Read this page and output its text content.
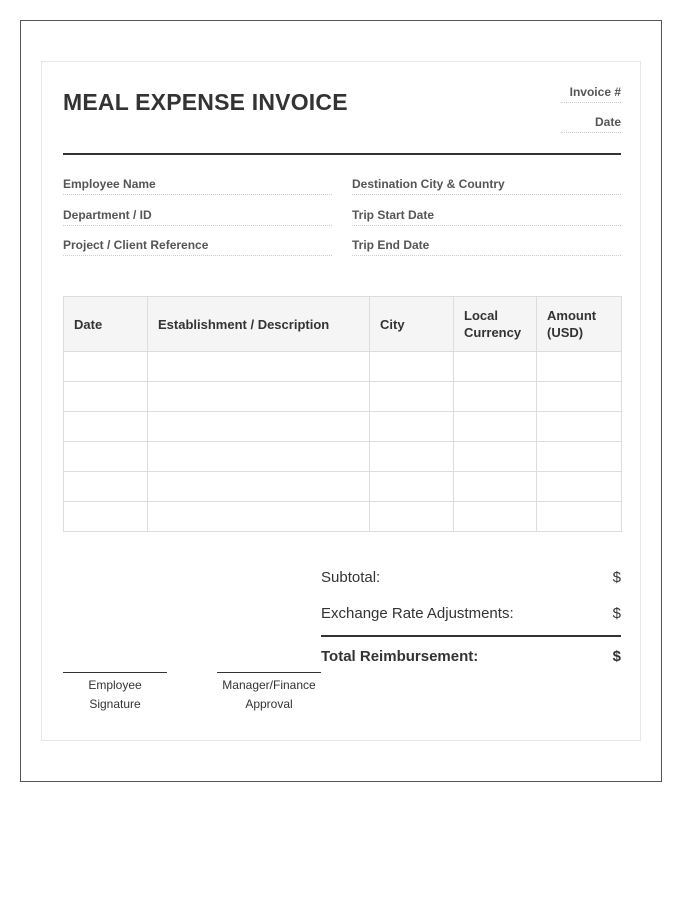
MEAL EXPENSE INVOICE	Invoice #
Date
Employee Name
Department / ID
Project / Client Reference
Destination City & Country
Trip Start Date
Trip End Date
Date	Establishment / Description	City	Local Currency	Amount (USD)

Subtotal:	$
Exchange Rate Adjustments:	$
Total Reimbursement:	$
Employee
Signature
Manager/Finance
Approval
